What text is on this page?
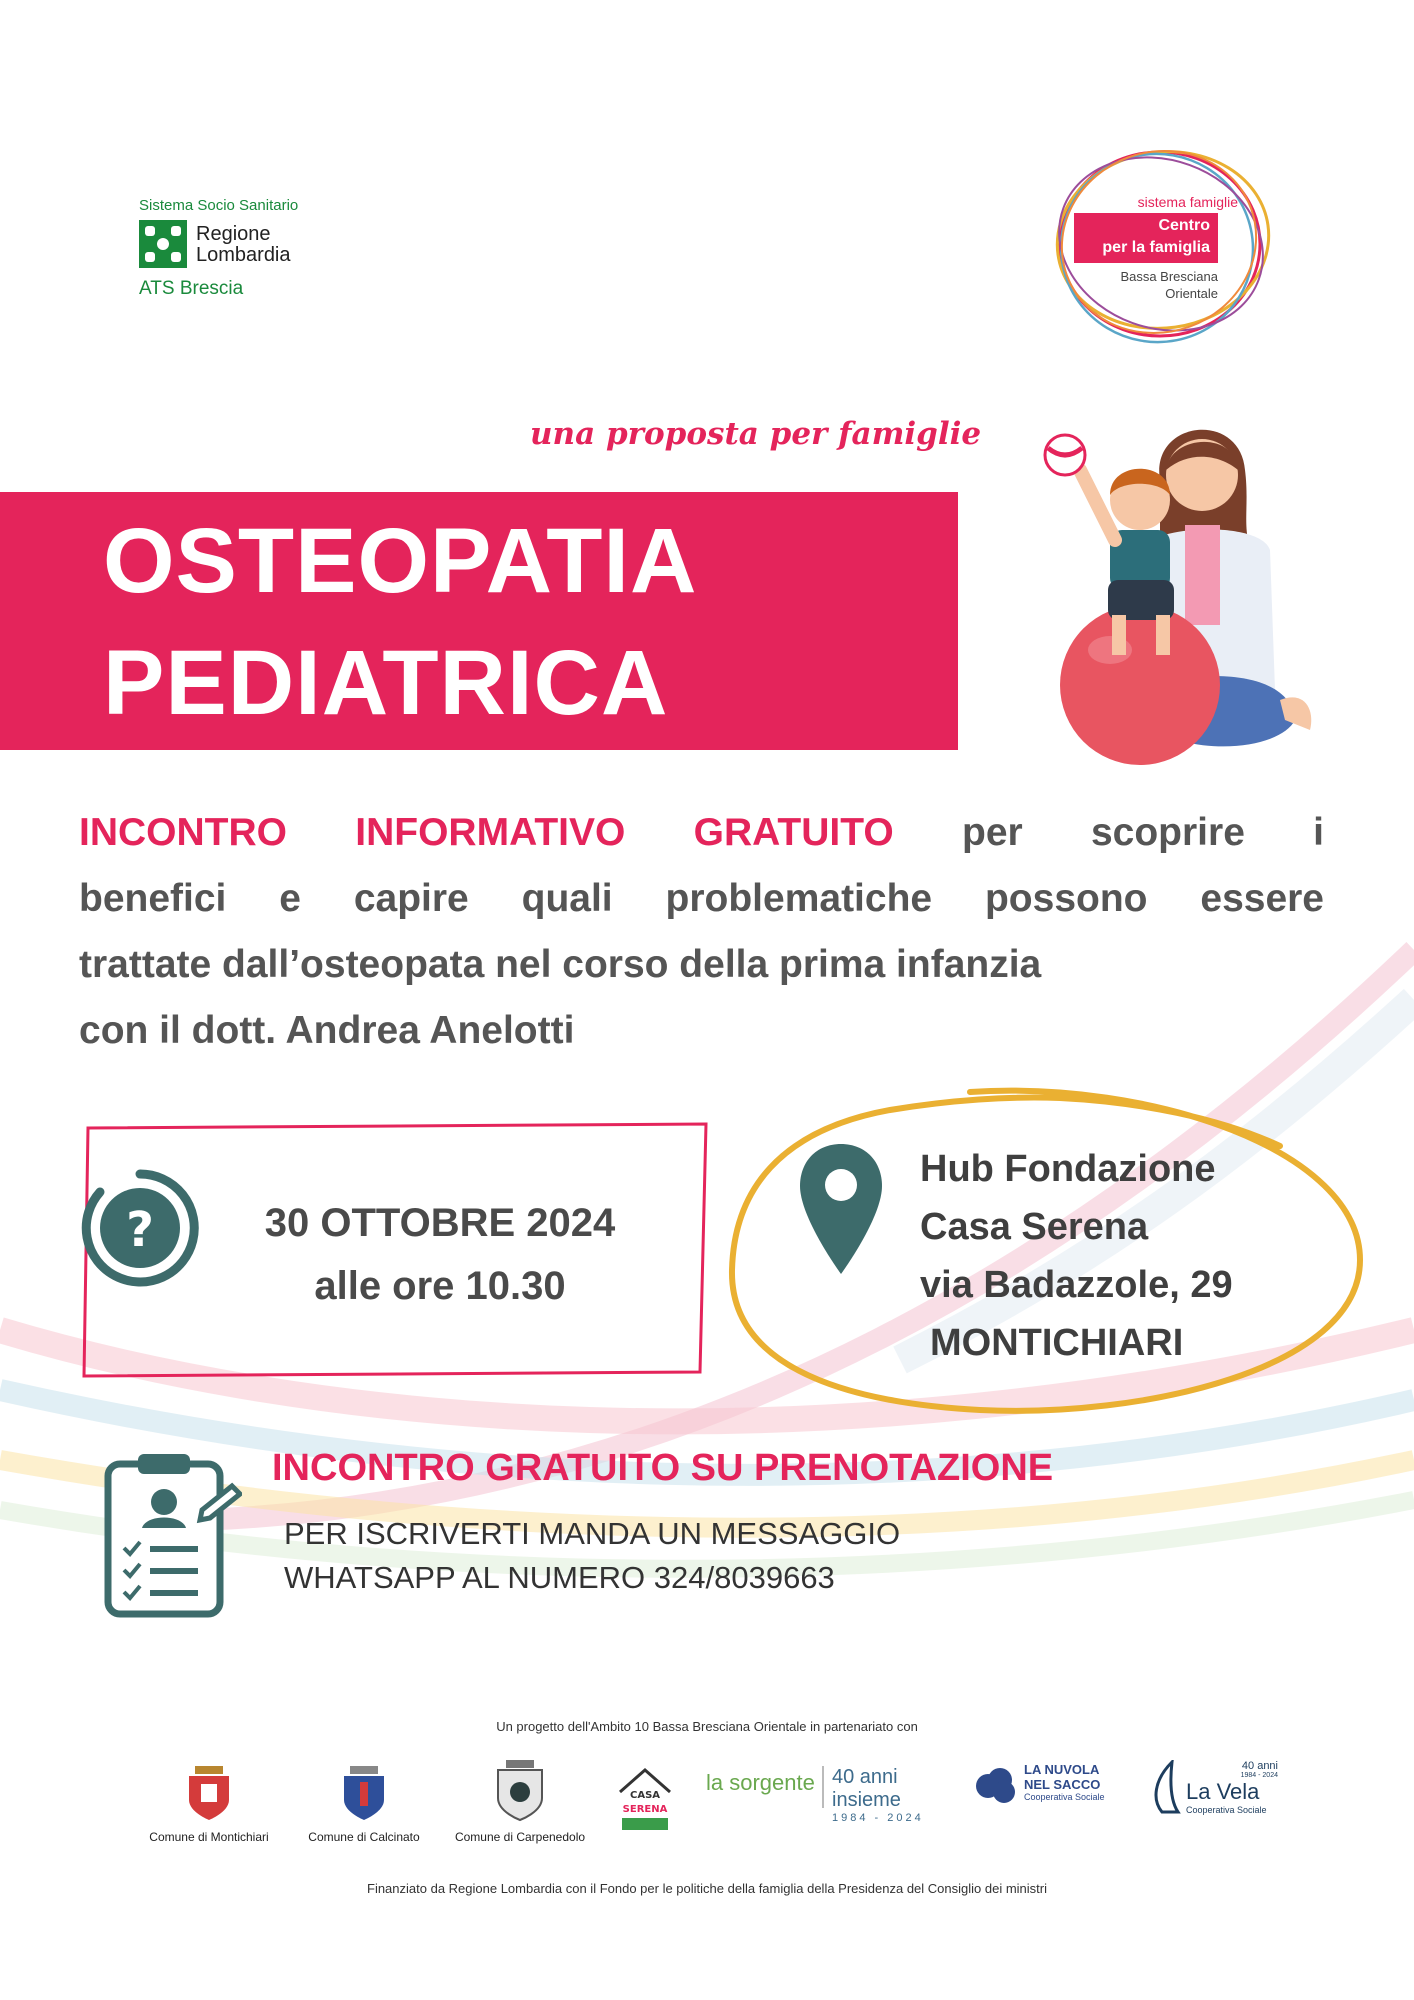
Sistema Socio Sanitario
Regione
Lombardia
ATS Brescia
sistema famiglie
Centro
per la famiglia
Bassa Bresciana
Orientale
una proposta per famiglie
OSTEOPATIA
PEDIATRICA
INCONTRO INFORMATIVO GRATUITO per scoprire i
benefici e capire quali problematiche possono essere
trattate dall’osteopata nel corso della prima infanzia
con il dott. Andrea Anelotti
?	30 OTTOBRE 2024
alle ore 10.30
Hub Fondazione
Casa Serena
via Badazzole, 29
MONTICHIARI
INCONTRO GRATUITO SU PRENOTAZIONE
PER ISCRIVERTI MANDA UN MESSAGGIO
WHATSAPP AL NUMERO 324/8039663
Un progetto dell'Ambito 10 Bassa Bresciana Orientale in partenariato con
Comune di Montichiari	Comune di Calcinato	Comune di Carpenedolo
CASA
SERENA
la sorgente 40 anni insieme
1984 - 2024
LA NUVOLA
NEL SACCO
Cooperativa Sociale
40 anni
1984 - 2024
La Vela
Cooperativa Sociale
Finanziato da Regione Lombardia con il Fondo per le politiche della famiglia della Presidenza del Consiglio dei ministri
